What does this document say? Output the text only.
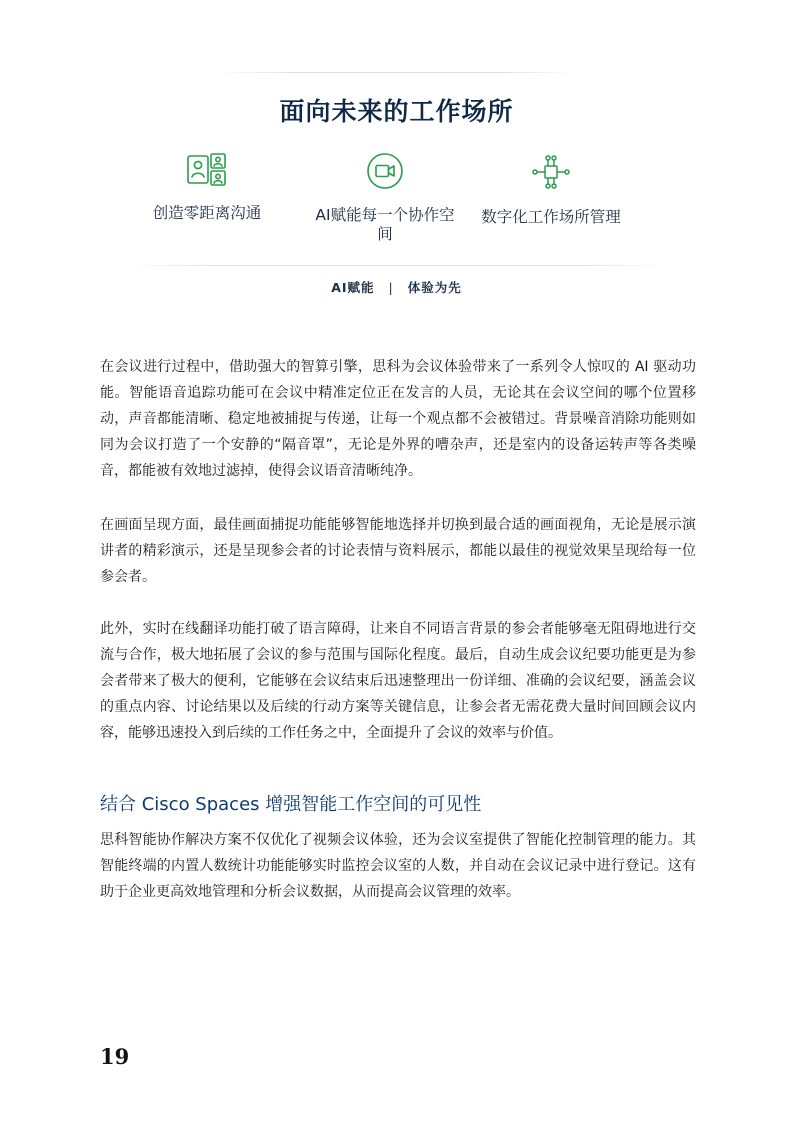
面向未来的工作场所
创造零距离沟通	AI赋能每一个协作空间
数字化工作场所管理
AI赋能 | 体验为先

在会议进行过程中，借助强大的智算引擎，思科为会议体验带来了一系列令人惊叹的 AI 驱动功能。智能语音追踪功能可在会议中精准定位正在发言的人员，无论其在会议空间的哪个位置移动，声音都能清晰、稳定地被捕捉与传递，让每一个观点都不会被错过。背景噪音消除功能则如同为会议打造了一个安静的“隔音罩”，无论是外界的嘈杂声，还是室内的设备运转声等各类噪音，都能被有效地过滤掉，使得会议语音清晰纯净。

在画面呈现方面，最佳画面捕捉功能能够智能地选择并切换到最合适的画面视角，无论是展示演讲者的精彩演示，还是呈现参会者的讨论表情与资料展示，都能以最佳的视觉效果呈现给每一位参会者。

此外，实时在线翻译功能打破了语言障碍，让来自不同语言背景的参会者能够毫无阻碍地进行交流与合作，极大地拓展了会议的参与范围与国际化程度。最后，自动生成会议纪要功能更是为参会者带来了极大的便利，它能够在会议结束后迅速整理出一份详细、准确的会议纪要，涵盖会议的重点内容、讨论结果以及后续的行动方案等关键信息，让参会者无需花费大量时间回顾会议内容，能够迅速投入到后续的工作任务之中，全面提升了会议的效率与价值。

结合 Cisco Spaces 增强智能工作空间的可见性

思科智能协作解决方案不仅优化了视频会议体验，还为会议室提供了智能化控制管理的能力。其智能终端的内置人数统计功能能够实时监控会议室的人数，并自动在会议记录中进行登记。这有助于企业更高效地管理和分析会议数据，从而提高会议管理的效率。

19
